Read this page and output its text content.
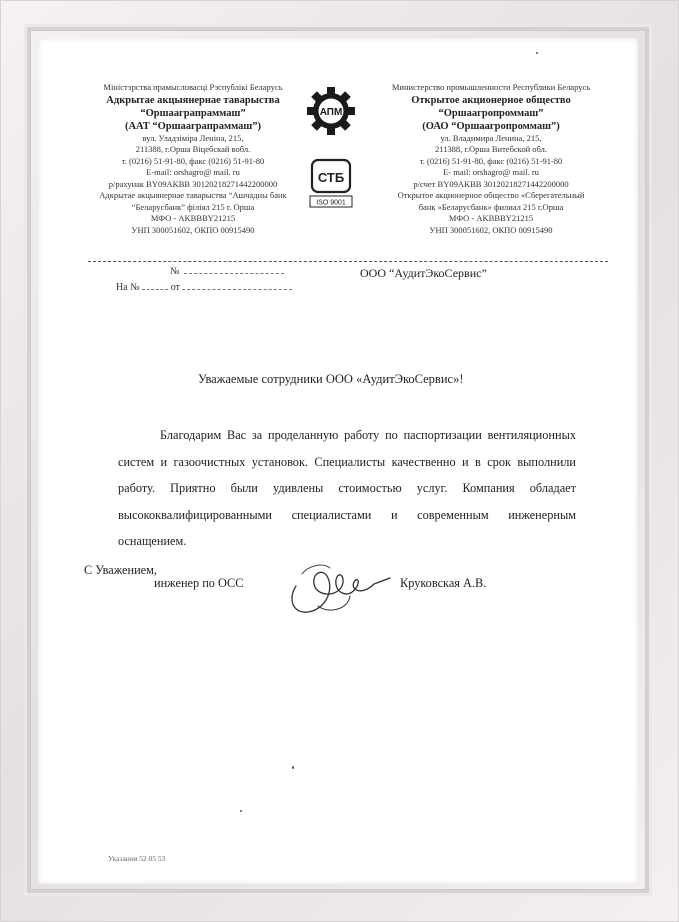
Міністэрства прамысловасці Рэспублікі Беларусь
Адкрытае акцыянернае таварыства
“Оршаагрaпраммаш”
(ААТ “Оршаагрaпраммаш”)
вул. Уладзіміра Леніна, 215,
211388, г.Орша Віцебскай вобл.
т. (0216) 51-91-80, факс (0216) 51-91-80
E-mail: orshagro@ mail. ru
р/рахунак BY09AKBB 30120218271442200000
Адкрытае акцыянернае таварыства “Ашчадны банк
“Беларусбанк” філіял 215 г. Орша
МФО - AKBBBY21215
УНП 300051602, ОКПО 00915490
АПМ
СТБ
ISO 9001
Министерство промышленности Республики Беларусь
Открытое акционерное общество
“Оршаагропроммаш”
(ОАО “Оршаагропроммаш”)
ул. Владимира Ленина, 215,
211388, г.Орша Витебской обл.
т. (0216) 51-91-80, факс (0216) 51-91-80
E- mail: orshagro@ mail. ru
р/счет BY09AKBB 30120218271442200000
Открытое акционерное общество «Сберегательный
банк «Беларусбанк» филиал 215 г.Орша
МФО - AKBBBY21215
УНП 300051602, ОКПО 00915490
№
На №	от
ООО “АудитЭкоСервис”
Уважаемые сотрудники ООО «АудитЭкоСервис»!
Благодарим Вас за проделанную работу по паспортизации вентиляционных систем и газоочистных установок. Специалисты качественно и в срок выполнили работу. Приятно были удивлены стоимостью услуг. Компания обладает высококвалифицированными специалистами и современным инженерным оснащением.
С Уважением,
инженер по ОСС	Круковская А.В.
Указания 52 05 53
